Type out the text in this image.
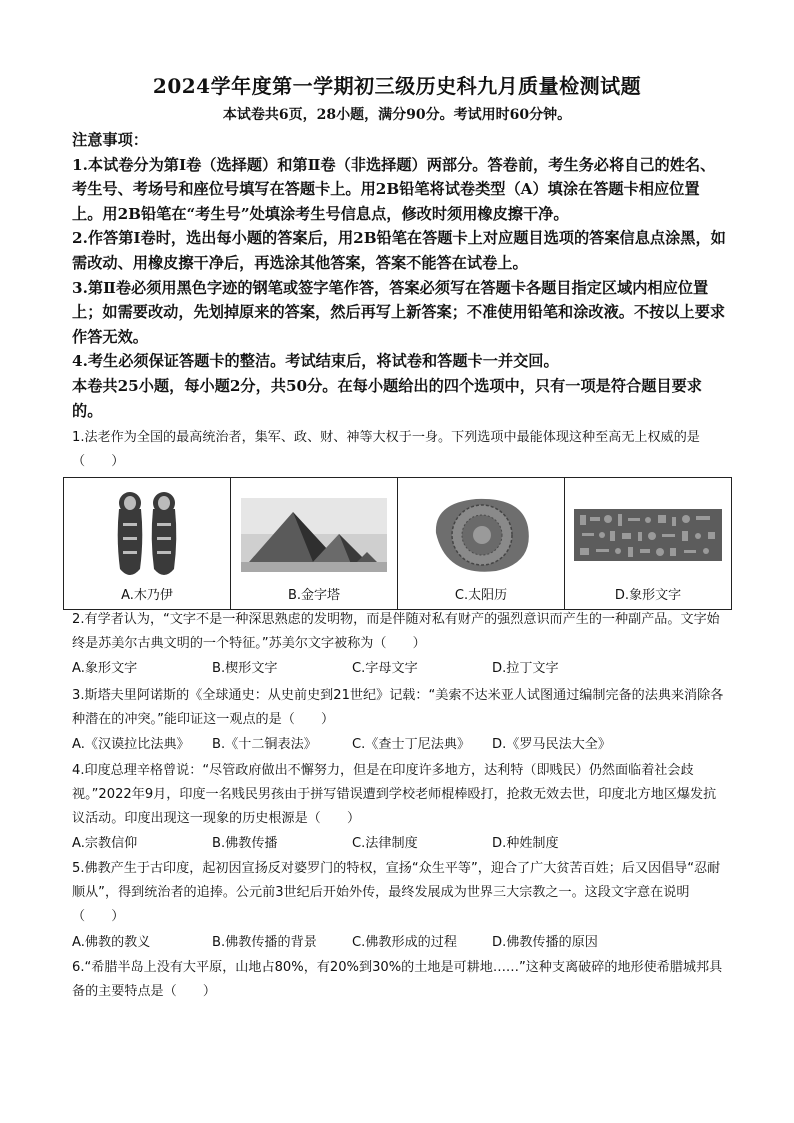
2024学年度第一学期初三级历史科九月质量检测试题
本试卷共6页，28小题，满分90分。考试用时60分钟。

注意事项：

1.本试卷分为第Ⅰ卷（选择题）和第Ⅱ卷（非选择题）两部分。答卷前，考生务必将自己的姓名、考生号、考场号和座位号填写在答题卡上。用2B铅笔将试卷类型（A）填涂在答题卡相应位置上。用2B铅笔在“考生号”处填涂考生号信息点，修改时须用橡皮擦干净。

2.作答第Ⅰ卷时，选出每小题的答案后，用2B铅笔在答题卡上对应题目选项的答案信息点涂黑，如需改动、用橡皮擦干净后，再选涂其他答案，答案不能答在试卷上。

3.第Ⅱ卷必须用黑色字迹的钢笔或签字笔作答，答案必须写在答题卡各题目指定区域内相应位置上；如需要改动，先划掉原来的答案，然后再写上新答案；不准使用铅笔和涂改液。不按以上要求作答无效。

4.考生必须保证答题卡的整洁。考试结束后，将试卷和答题卡一并交回。

本卷共25小题，每小题2分，共50分。在每小题给出的四个选项中，只有一项是符合题目要求的。

1.法老作为全国的最高统治者，集军、政、财、神等大权于一身。下列选项中最能体现这种至高无上权威的是（　　）

A.木乃伊	B.金字塔	C.太阳历	D.象形文字

2.有学者认为，“文字不是一种深思熟虑的发明物，而是伴随对私有财产的强烈意识而产生的一种副产品。文字始终是苏美尔古典文明的一个特征。”苏美尔文字被称为（　　）

A.象形文字	B.楔形文字	C.字母文字	D.拉丁文字

3.斯塔夫里阿诺斯的《全球通史：从史前史到21世纪》记载：“美索不达米亚人试图通过编制完备的法典来消除各种潜在的冲突。”能印证这一观点的是（　　）

A.《汉谟拉比法典》 B.《十二铜表法》	C.《查士丁尼法典》 D.《罗马民法大全》

4.印度总理辛格曾说：“尽管政府做出不懈努力，但是在印度许多地方，达利特（即贱民）仍然面临着社会歧视。”2022年9月，印度一名贱民男孩由于拼写错误遭到学校老师棍棒殴打，抢救无效去世，印度北方地区爆发抗议活动。印度出现这一现象的历史根源是（　　）

A.宗教信仰	B.佛教传播	C.法律制度	D.种姓制度

5.佛教产生于古印度，起初因宣扬反对婆罗门的特权，宣扬“众生平等”，迎合了广大贫苦百姓；后又因倡导“忍耐顺从”，得到统治者的追捧。公元前3世纪后开始外传，最终发展成为世界三大宗教之一。这段文字意在说明（　　）

A.佛教的教义	B.佛教传播的背景	C.佛教形成的过程	D.佛教传播的原因

6.“希腊半岛上没有大平原，山地占80%，有20%到30%的土地是可耕地……”这种支离破碎的地形使希腊城邦具备的主要特点是（　　）
